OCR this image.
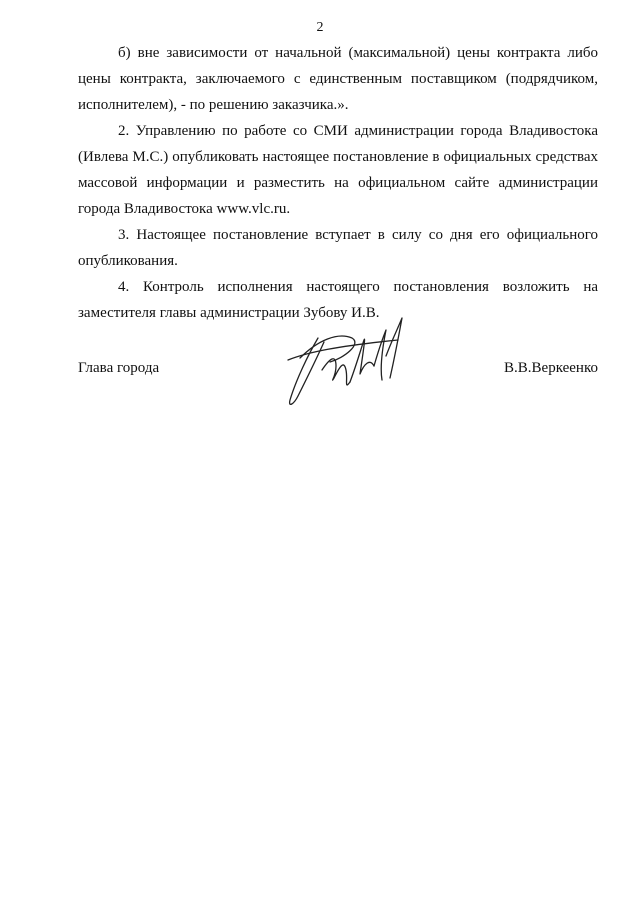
2

б) вне зависимости от начальной (максимальной) цены контракта либо цены контракта, заключаемого с единственным поставщиком (подрядчиком, исполнителем), - по решению заказчика.».

2. Управлению по работе со СМИ администрации города Владивостока (Ивлева М.С.) опубликовать настоящее постановление в официальных средствах массовой информации и разместить на официальном сайте администрации города Владивостока www.vlc.ru.

3. Настоящее постановление вступает в силу со дня его официального опубликования.

4. Контроль исполнения настоящего постановления возложить на заместителя главы администрации Зубову И.В.

Глава города	В.В.Веркеенко
